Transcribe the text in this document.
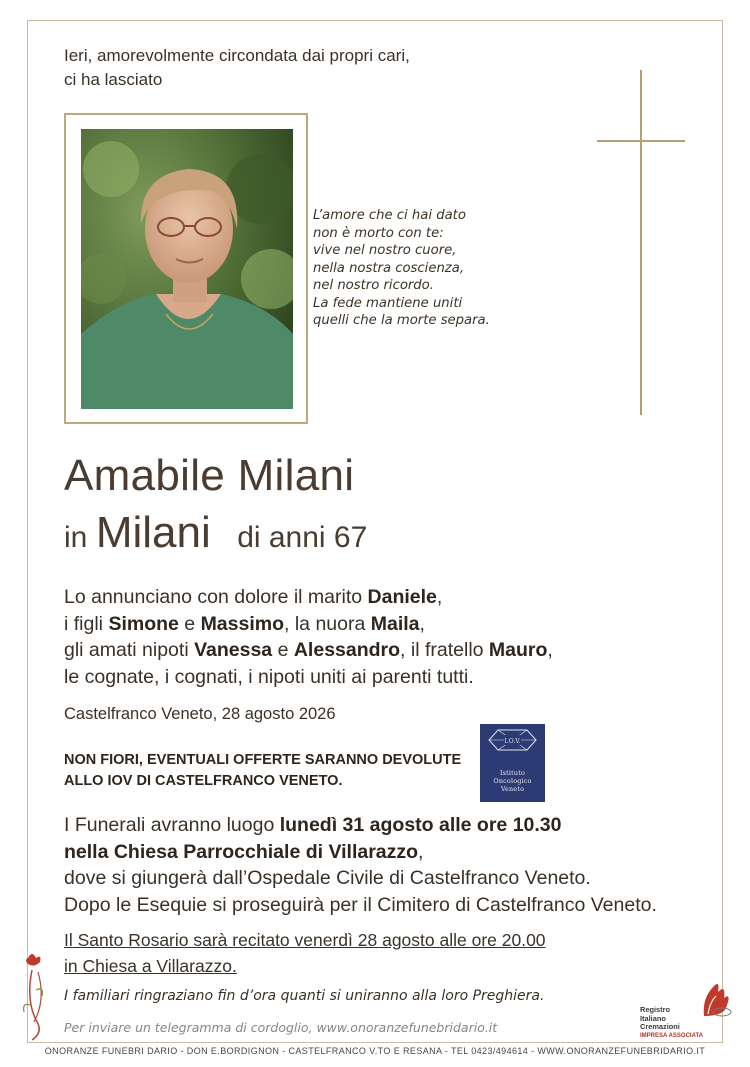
Ieri, amorevolmente circondata dai propri cari,
ci ha lasciato
L’amore che ci hai dato
non è morto con te:
vive nel nostro cuore,
nella nostra coscienza,
nel nostro ricordo.
La fede mantiene uniti
quelli che la morte separa.
Amabile Milani
in Milani di anni 67
Lo annunciano con dolore il marito Daniele,
i figli Simone e Massimo, la nuora Maila,
gli amati nipoti Vanessa e Alessandro, il fratello Mauro,
le cognate, i cognati, i nipoti uniti ai parenti tutti.
Castelfranco Veneto, 28 agosto 2026
NON FIORI, EVENTUALI OFFERTE SARANNO DEVOLUTE
ALLO IOV DI CASTELFRANCO VENETO.
I.O.V.
Istituto
Oncologico
Veneto
I Funerali avranno luogo lunedì 31 agosto alle ore 10.30
nella Chiesa Parrocchiale di Villarazzo,
dove si giungerà dall’Ospedale Civile di Castelfranco Veneto.
Dopo le Esequie si proseguirà per il Cimitero di Castelfranco Veneto.
Il Santo Rosario sarà recitato venerdì 28 agosto alle ore 20.00
in Chiesa a Villarazzo.
I familiari ringraziano fin d’ora quanti si uniranno alla loro Preghiera.
Per inviare un telegramma di cordoglio, www.onoranzefunebridario.it
Registro
Italiano
Cremazioni
IMPRESA ASSOCIATA
ONORANZE FUNEBRI DARIO - DON E.BORDIGNON - CASTELFRANCO V.TO E RESANA - TEL 0423/494614 - WWW.ONORANZEFUNEBRIDARIO.IT
